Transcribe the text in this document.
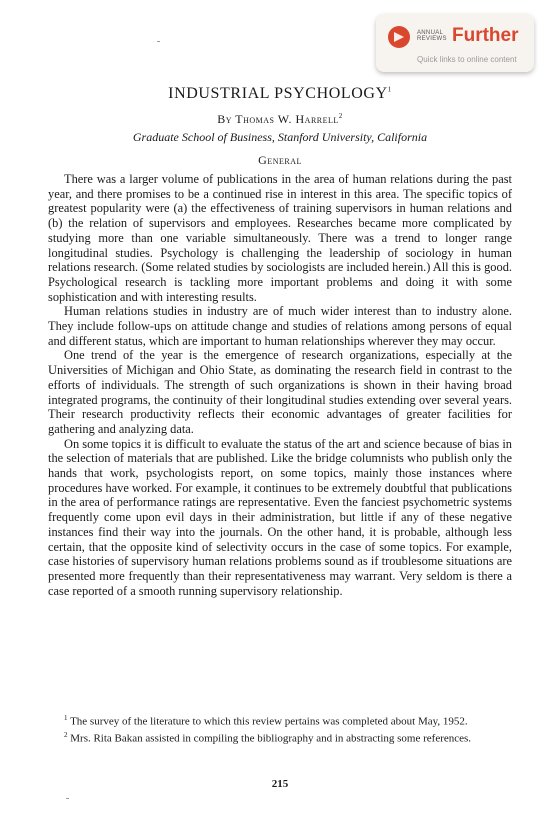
ANNUAL
REVIEWS Further
Quick links to online content
INDUSTRIAL PSYCHOLOGY$^1$
By Thomas W. Harrell$^2$
Graduate School of Business, Stanford University, California
General

There was a larger volume of publications in the area of human relations during the past year, and there promises to be a continued rise in interest in this area. The specific topics of greatest popularity were (a) the effectiveness of training supervisors in human relations and (b) the relation of supervisors and employees. Researches became more complicated by studying more than one variable simultaneously. There was a trend to longer range longitudinal studies. Psychology is challenging the leadership of sociology in human relations research. (Some related studies by sociologists are included herein.) All this is good. Psychological research is tackling more important problems and doing it with some sophistication and with interesting results.

Human relations studies in industry are of much wider interest than to industry alone. They include follow-ups on attitude change and studies of relations among persons of equal and different status, which are important to human relationships wherever they may occur.

One trend of the year is the emergence of research organizations, especially at the Universities of Michigan and Ohio State, as dominating the research field in contrast to the efforts of individuals. The strength of such organizations is shown in their having broad integrated programs, the continuity of their longitudinal studies extending over several years. Their research productivity reflects their economic advantages of greater facilities for gathering and analyzing data.

On some topics it is difficult to evaluate the status of the art and science because of bias in the selection of materials that are published. Like the bridge columnists who publish only the hands that work, psychologists report, on some topics, mainly those instances where procedures have worked. For example, it continues to be extremely doubtful that publications in the area of performance ratings are representative. Even the fanciest psychometric systems frequently come upon evil days in their administration, but little if any of these negative instances find their way into the journals. On the other hand, it is probable, although less certain, that the opposite kind of selectivity occurs in the case of some topics. For example, case histories of supervisory human relations problems sound as if troublesome situations are presented more frequently than their representativeness may warrant. Very seldom is there a case reported of a smooth running supervisory relationship.

$^1$ The survey of the literature to which this review pertains was completed about May, 1952.

$^2$ Mrs. Rita Bakan assisted in compiling the bibliography and in abstracting some references.

215
